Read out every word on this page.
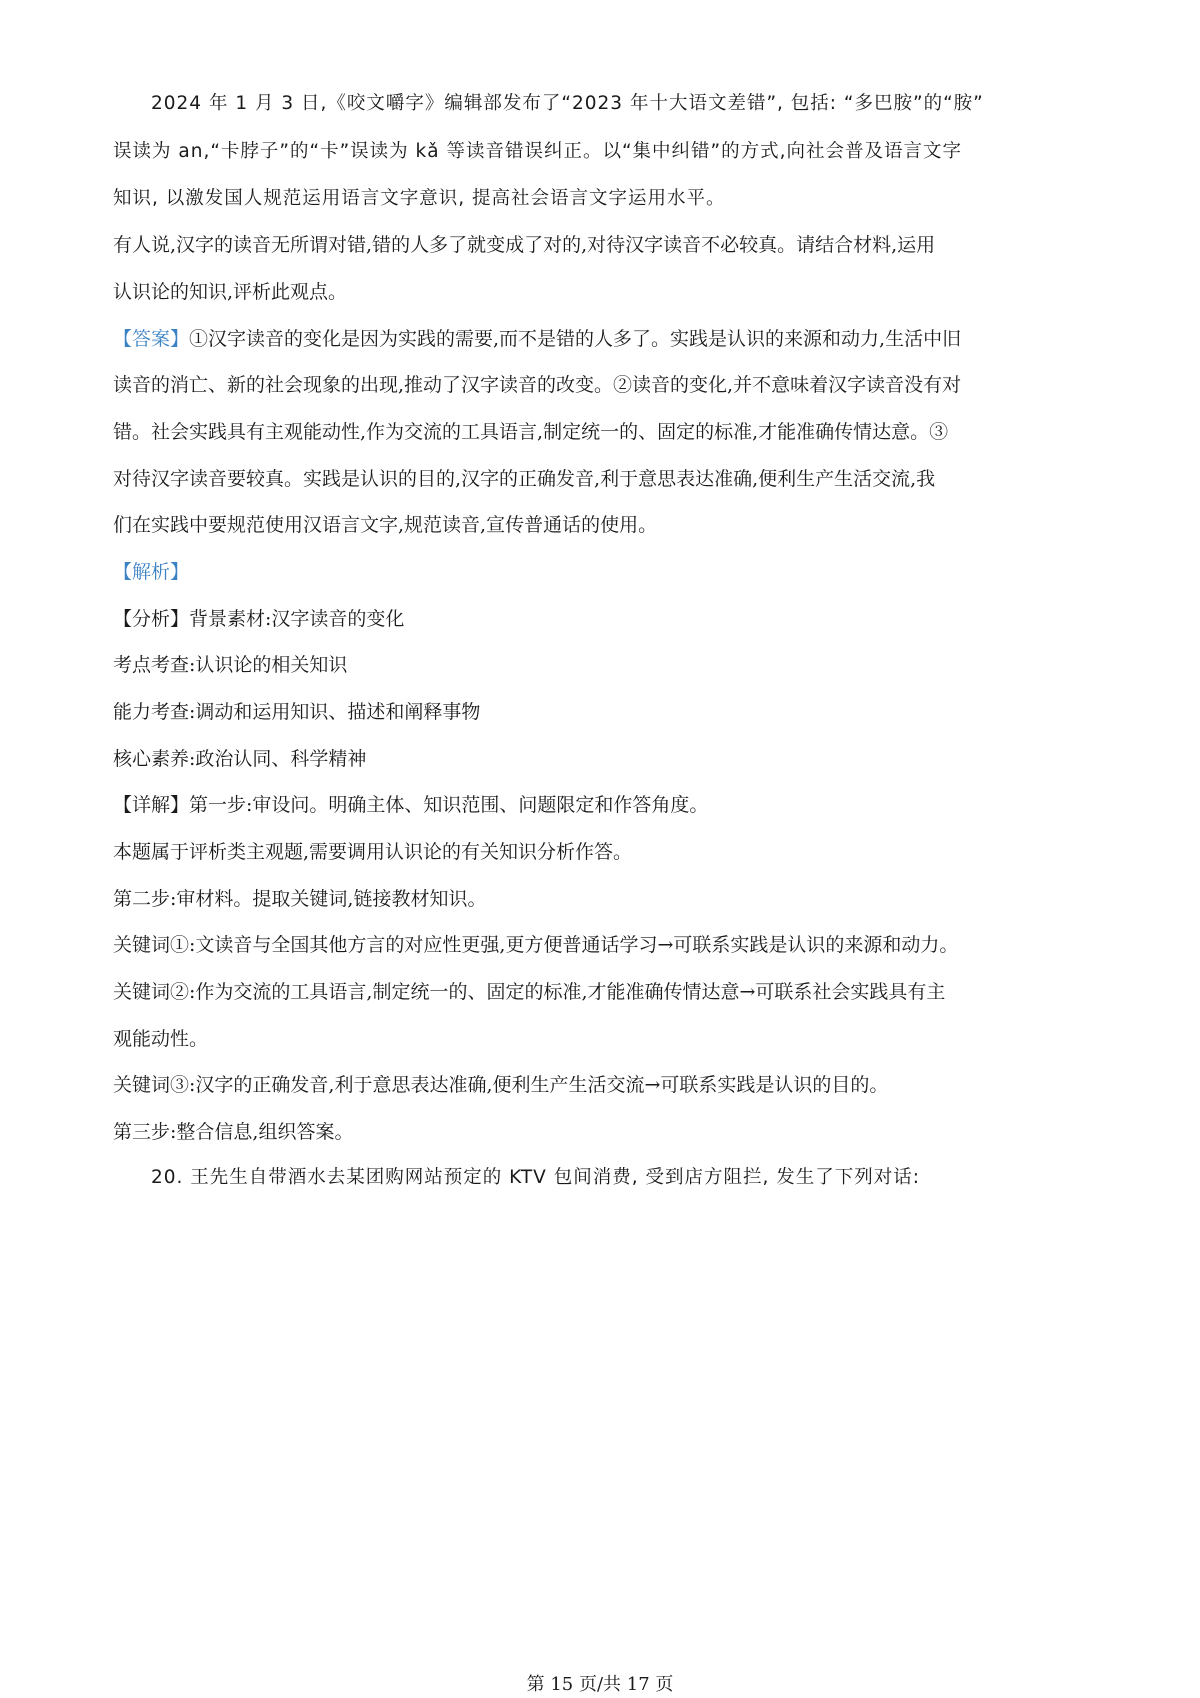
2024 年 1 月 3 日,《咬文嚼字》编辑部发布了“2023 年十大语文差错”, 包括: “多巴胺”的“胺”
误读为 an,“卡脖子”的“卡”误读为 kǎ 等读音错误纠正。以“集中纠错”的方式,向社会普及语言文字
知识, 以激发国人规范运用语言文字意识, 提高社会语言文字运用水平。
有人说,汉字的读音无所谓对错,错的人多了就变成了对的,对待汉字读音不必较真。请结合材料,运用
认识论的知识,评析此观点。
【答案】①汉字读音的变化是因为实践的需要,而不是错的人多了。实践是认识的来源和动力,生活中旧
读音的消亡、新的社会现象的出现,推动了汉字读音的改变。②读音的变化,并不意味着汉字读音没有对
错。社会实践具有主观能动性,作为交流的工具语言,制定统一的、固定的标准,才能准确传情达意。③
对待汉字读音要较真。实践是认识的目的,汉字的正确发音,利于意思表达准确,便利生产生活交流,我
们在实践中要规范使用汉语言文字,规范读音,宣传普通话的使用。
【解析】
【分析】背景素材:汉字读音的变化
考点考查:认识论的相关知识
能力考查:调动和运用知识、描述和阐释事物
核心素养:政治认同、科学精神
【详解】第一步:审设问。明确主体、知识范围、问题限定和作答角度。
本题属于评析类主观题,需要调用认识论的有关知识分析作答。
第二步:审材料。提取关键词,链接教材知识。
关键词①:文读音与全国其他方言的对应性更强,更方便普通话学习→可联系实践是认识的来源和动力。
关键词②:作为交流的工具语言,制定统一的、固定的标准,才能准确传情达意→可联系社会实践具有主
观能动性。
关键词③:汉字的正确发音,利于意思表达准确,便利生产生活交流→可联系实践是认识的目的。
第三步:整合信息,组织答案。
20. 王先生自带酒水去某团购网站预定的 KTV 包间消费, 受到店方阻拦, 发生了下列对话:
第 15 页/共 17 页
